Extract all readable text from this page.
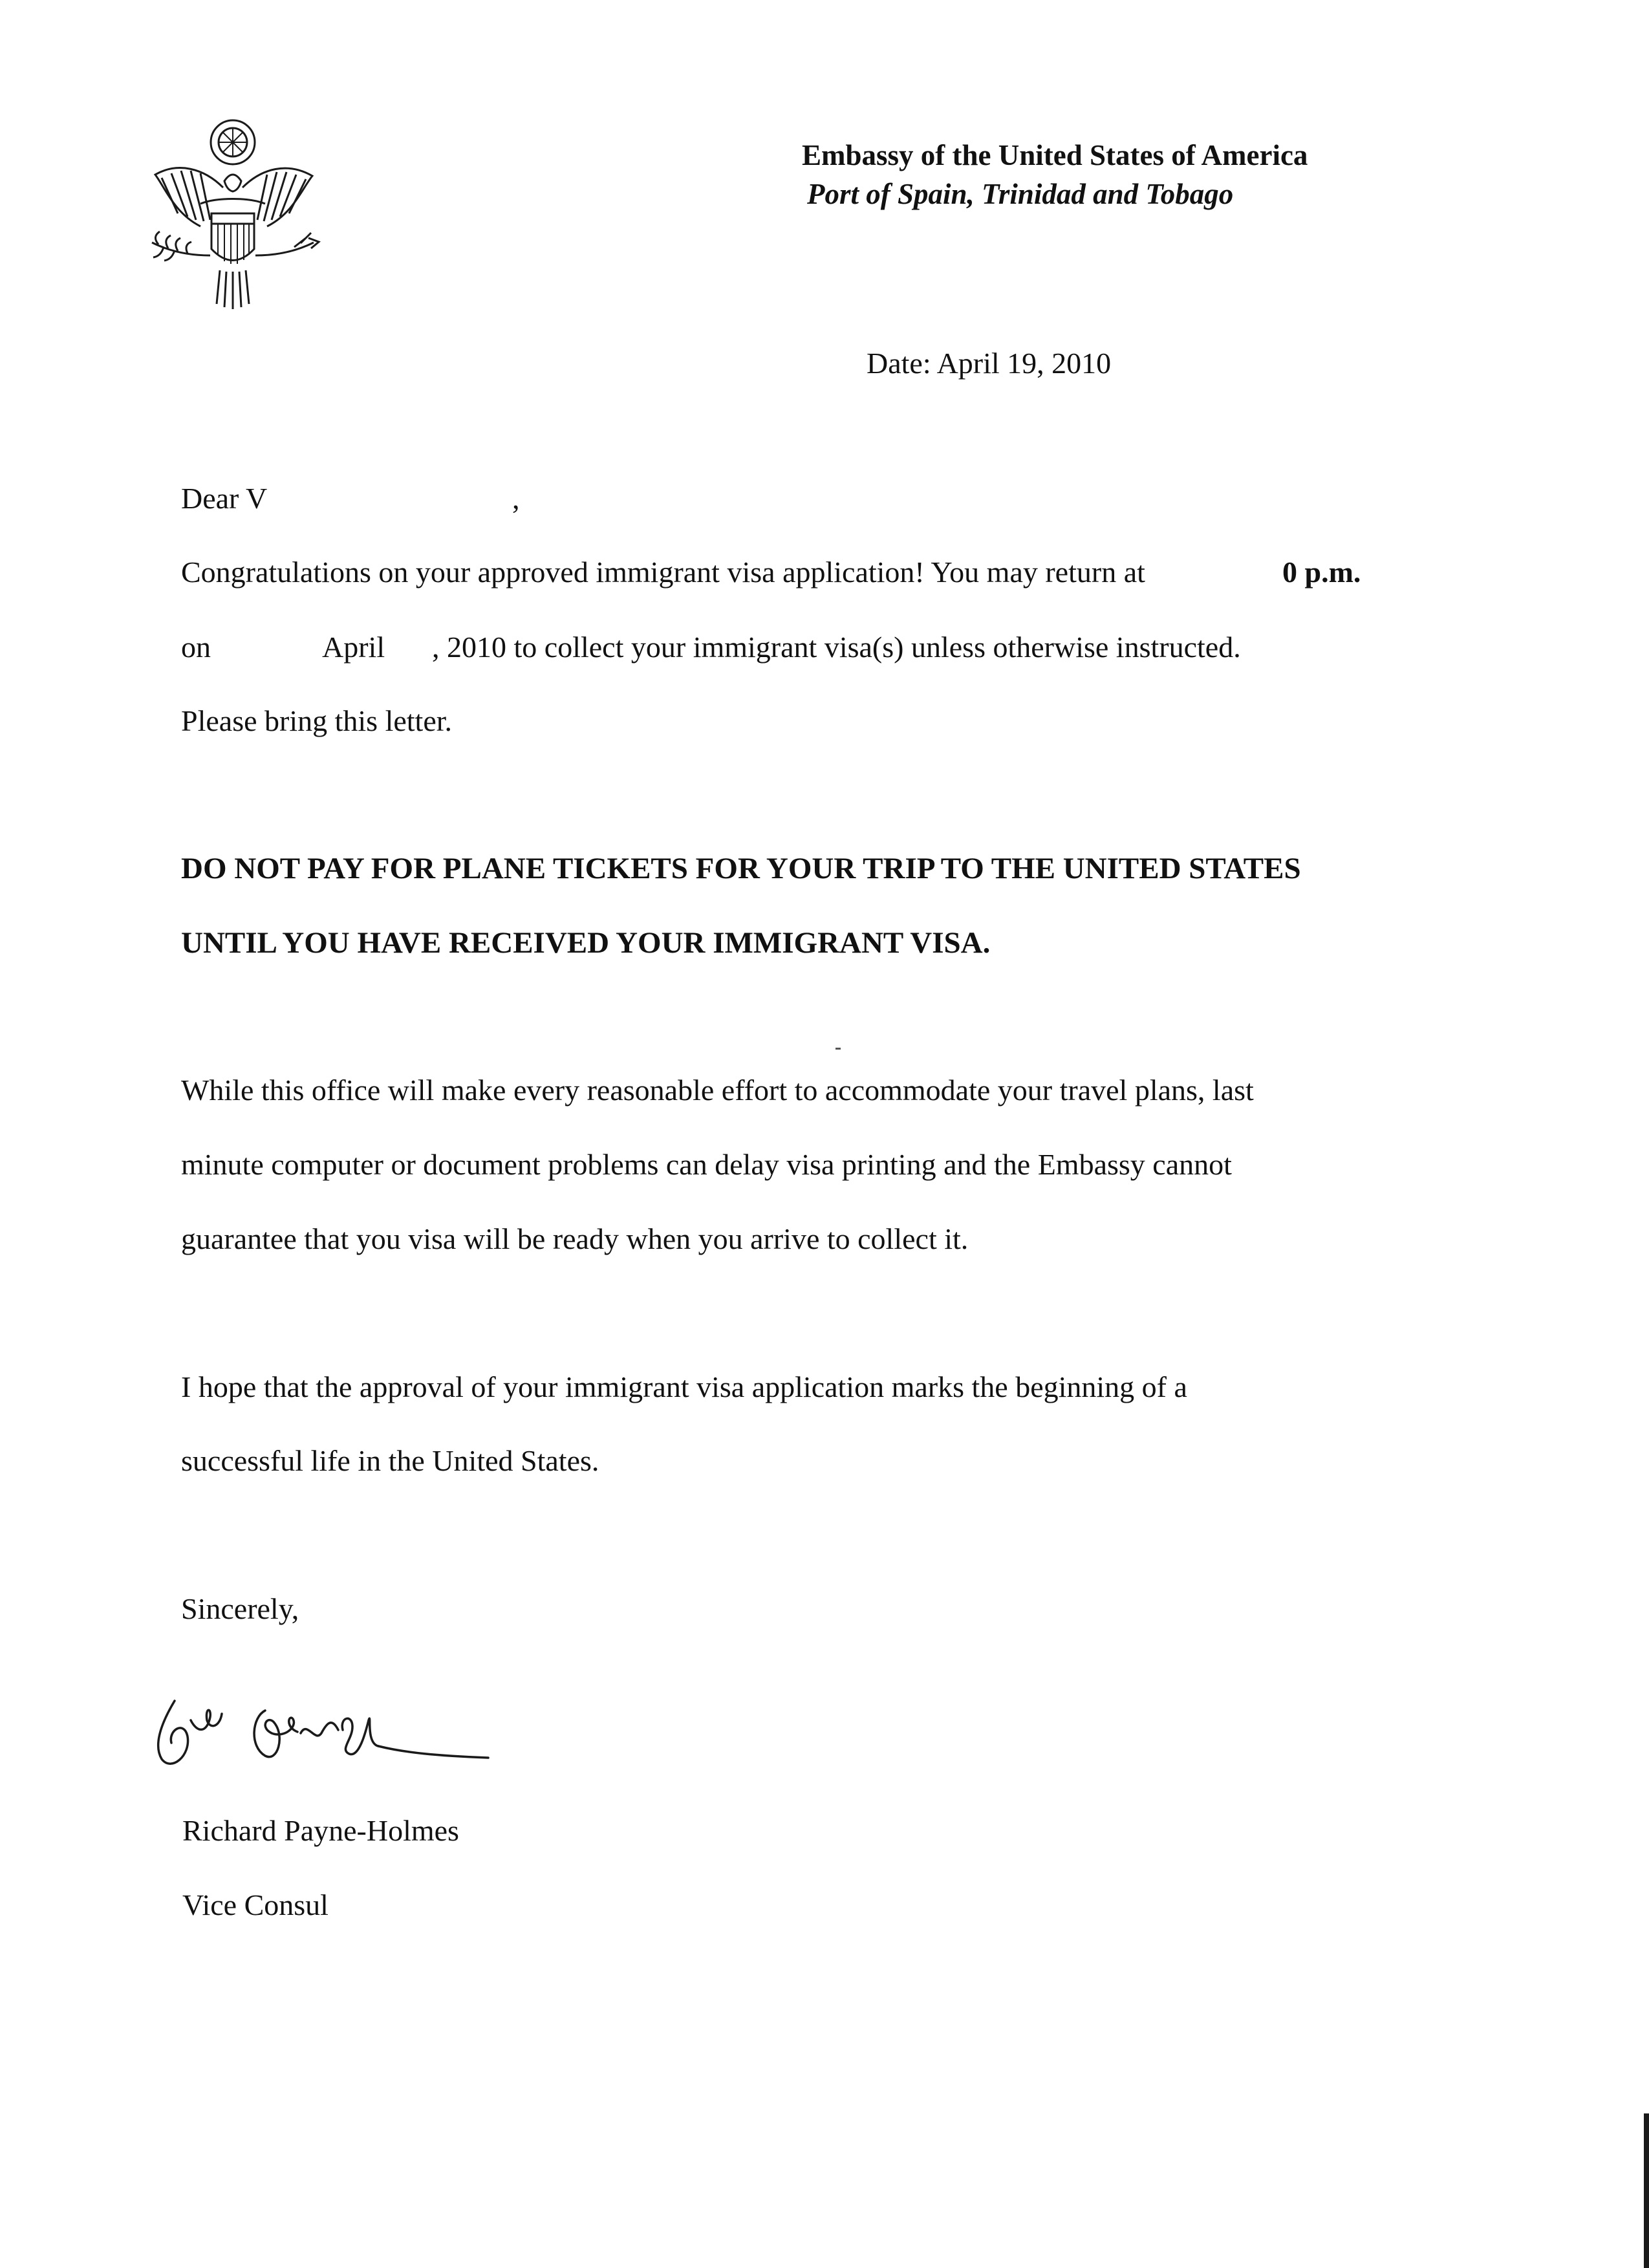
Embassy of the United States of America
Port of Spain, Trinidad and Tobago
Date: April 19, 2010
Dear V	,
Congratulations on your approved immigrant visa application! You may return at	0 p.m.
on	April , 2010 to collect your immigrant visa(s) unless otherwise instructed.
Please bring this letter.
DO NOT PAY FOR PLANE TICKETS FOR YOUR TRIP TO THE UNITED STATES
UNTIL YOU HAVE RECEIVED YOUR IMMIGRANT VISA.
While this office will make every reasonable effort to accommodate your travel plans, last
minute computer or document problems can delay visa printing and the Embassy cannot
guarantee that you visa will be ready when you arrive to collect it.
I hope that the approval of your immigrant visa application marks the beginning of a
successful life in the United States.
Sincerely,
Richard Payne-Holmes
Vice Consul
